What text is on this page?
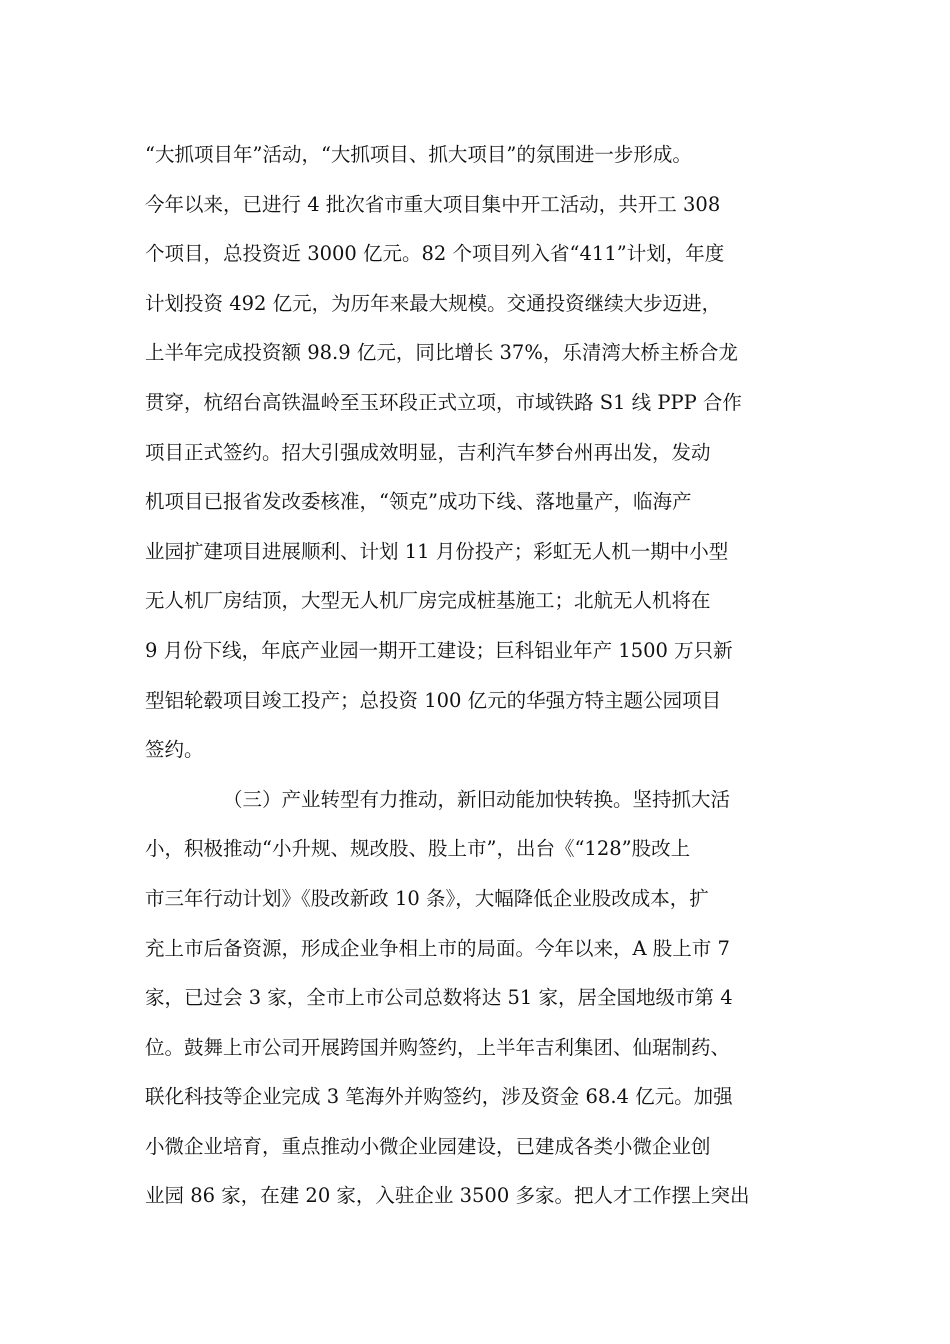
“大抓项目年”活动，“大抓项目、抓大项目”的氛围进一步形成。
今年以来，已进行 4 批次省市重大项目集中开工活动，共开工 308
个项目，总投资近 3000 亿元。82 个项目列入省“411”计划，年度
计划投资 492 亿元，为历年来最大规模。交通投资继续大步迈进，
上半年完成投资额 98.9 亿元，同比增长 37%，乐清湾大桥主桥合龙
贯穿，杭绍台高铁温岭至玉环段正式立项，市域铁路 S1 线 PPP 合作
项目正式签约。招大引强成效明显，吉利汽车梦台州再出发，发动
机项目已报省发改委核准，“领克”成功下线、落地量产，临海产
业园扩建项目进展顺利、计划 11 月份投产；彩虹无人机一期中小型
无人机厂房结顶，大型无人机厂房完成桩基施工；北航无人机将在
9 月份下线，年底产业园一期开工建设；巨科铝业年产 1500 万只新
型铝轮毂项目竣工投产；总投资 100 亿元的华强方特主题公园项目
签约。
（三）产业转型有力推动，新旧动能加快转换。坚持抓大活
小，积极推动“小升规、规改股、股上市”，出台《“128”股改上
市三年行动计划》《股改新政 10 条》，大幅降低企业股改成本，扩
充上市后备资源，形成企业争相上市的局面。今年以来，A 股上市 7
家，已过会 3 家，全市上市公司总数将达 51 家，居全国地级市第 4
位。鼓舞上市公司开展跨国并购签约，上半年吉利集团、仙琚制药、
联化科技等企业完成 3 笔海外并购签约，涉及资金 68.4 亿元。加强
小微企业培育，重点推动小微企业园建设，已建成各类小微企业创
业园 86 家，在建 20 家，入驻企业 3500 多家。把人才工作摆上突出
